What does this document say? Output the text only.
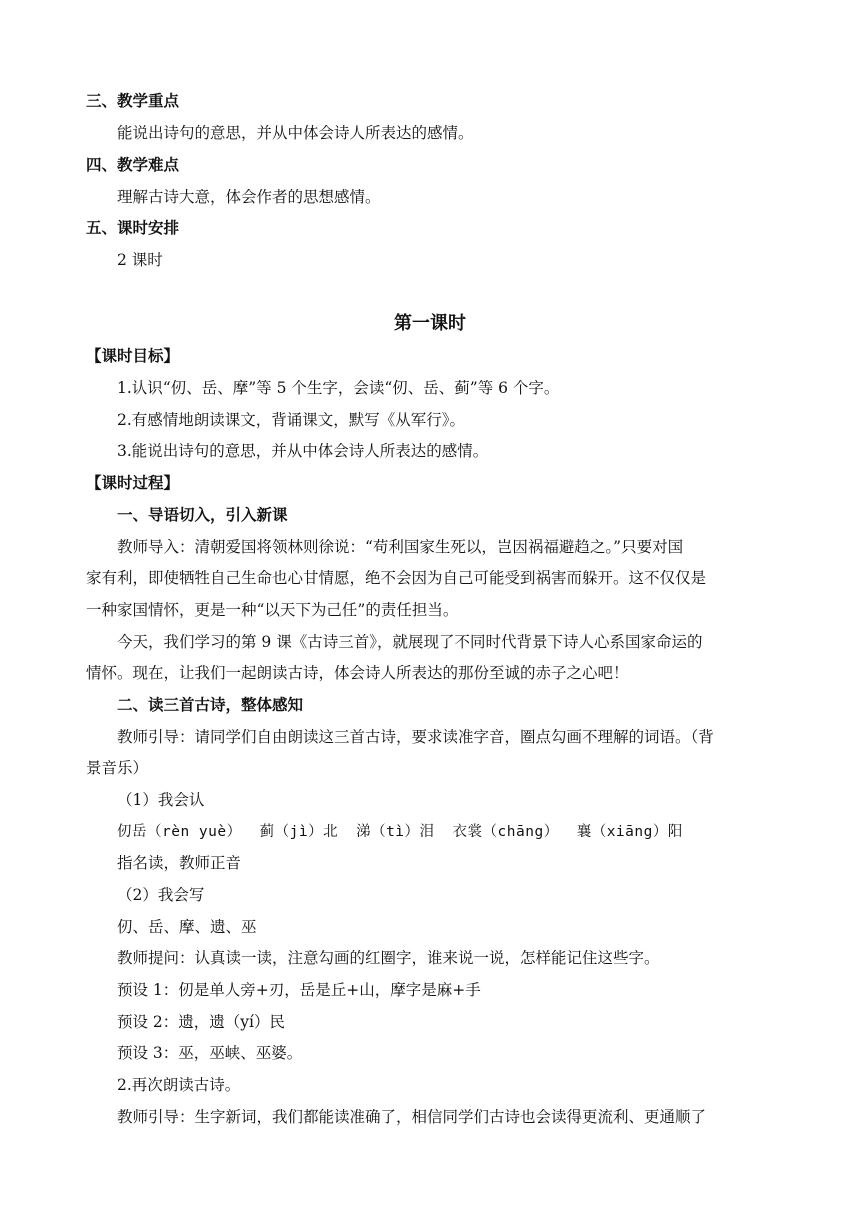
三、教学重点
能说出诗句的意思，并从中体会诗人所表达的感情。
四、教学难点
理解古诗大意，体会作者的思想感情。
五、课时安排
2 课时
第一课时
【课时目标】
1.认识“仞、岳、摩”等 5 个生字，会读“仞、岳、蓟”等 6 个字。
2.有感情地朗读课文，背诵课文，默写《从军行》。
3.能说出诗句的意思，并从中体会诗人所表达的感情。
【课时过程】
一、导语切入，引入新课
教师导入：清朝爱国将领林则徐说：“苟利国家生死以，岂因祸福避趋之。”只要对国
家有利，即使牺牲自己生命也心甘情愿，绝不会因为自己可能受到祸害而躲开。这不仅仅是
一种家国情怀，更是一种“以天下为己任”的责任担当。
今天，我们学习的第 9 课《古诗三首》，就展现了不同时代背景下诗人心系国家命运的
情怀。现在，让我们一起朗读古诗，体会诗人所表达的那份至诚的赤子之心吧！
二、读三首古诗，整体感知
教师引导：请同学们自由朗读这三首古诗，要求读准字音，圈点勾画不理解的词语。（背
景音乐）
（1）我会认
仞岳（rèn yuè） 蓟（jì）北 涕（tì）泪 衣裳（chāng） 襄（xiāng）阳
指名读，教师正音
（2）我会写
仞、岳、摩、遗、巫
教师提问：认真读一读，注意勾画的红圈字，谁来说一说，怎样能记住这些字。
预设 1：仞是单人旁+刃，岳是丘+山，摩字是麻+手
预设 2：遗，遗（yí）民
预设 3：巫，巫峡、巫婆。
2.再次朗读古诗。
教师引导：生字新词，我们都能读准确了，相信同学们古诗也会读得更流利、更通顺了
